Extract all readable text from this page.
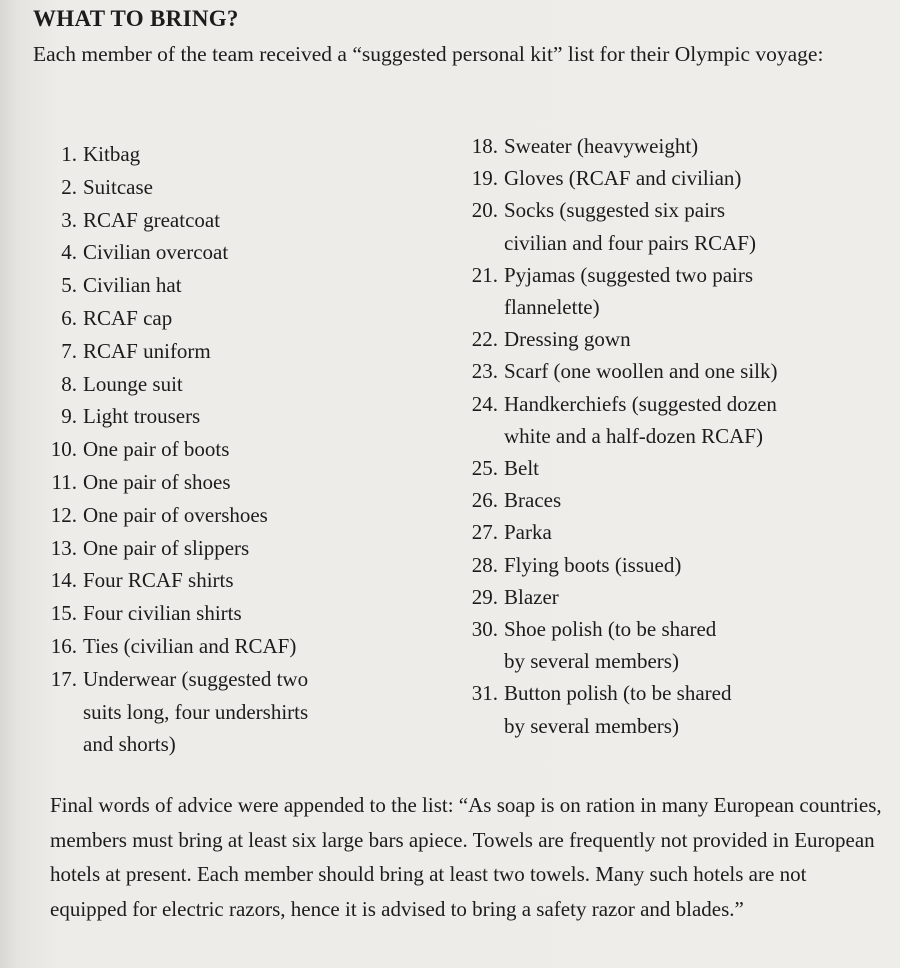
WHAT TO BRING?

Each member of the team received a “suggested personal kit” list for their Olympic voyage:

1. Kitbag
2. Suitcase
3. RCAF greatcoat
4. Civilian overcoat
5. Civilian hat
6. RCAF cap
7. RCAF uniform
8. Lounge suit
9. Light trousers
10. One pair of boots
11. One pair of shoes
12. One pair of overshoes
13. One pair of slippers
14. Four RCAF shirts
15. Four civilian shirts
16. Ties (civilian and RCAF)
17. Underwear (suggested two
suits long, four undershirts
and shorts)
18. Sweater (heavyweight)
19. Gloves (RCAF and civilian)
20. Socks (suggested six pairs
civilian and four pairs RCAF)
21. Pyjamas (suggested two pairs
flannelette)
22. Dressing gown
23. Scarf (one woollen and one silk)
24. Handkerchiefs (suggested dozen
white and a half-dozen RCAF)
25. Belt
26. Braces
27. Parka
28. Flying boots (issued)
29. Blazer
30. Shoe polish (to be shared
by several members)
31. Button polish (to be shared
by several members)

Final words of advice were appended to the list: “As soap is on ration in many European countries, members must bring at least six large bars apiece. Towels are frequently not provided in European hotels at present. Each member should bring at least two towels. Many such hotels are not equipped for electric razors, hence it is advised to bring a safety razor and blades.”
